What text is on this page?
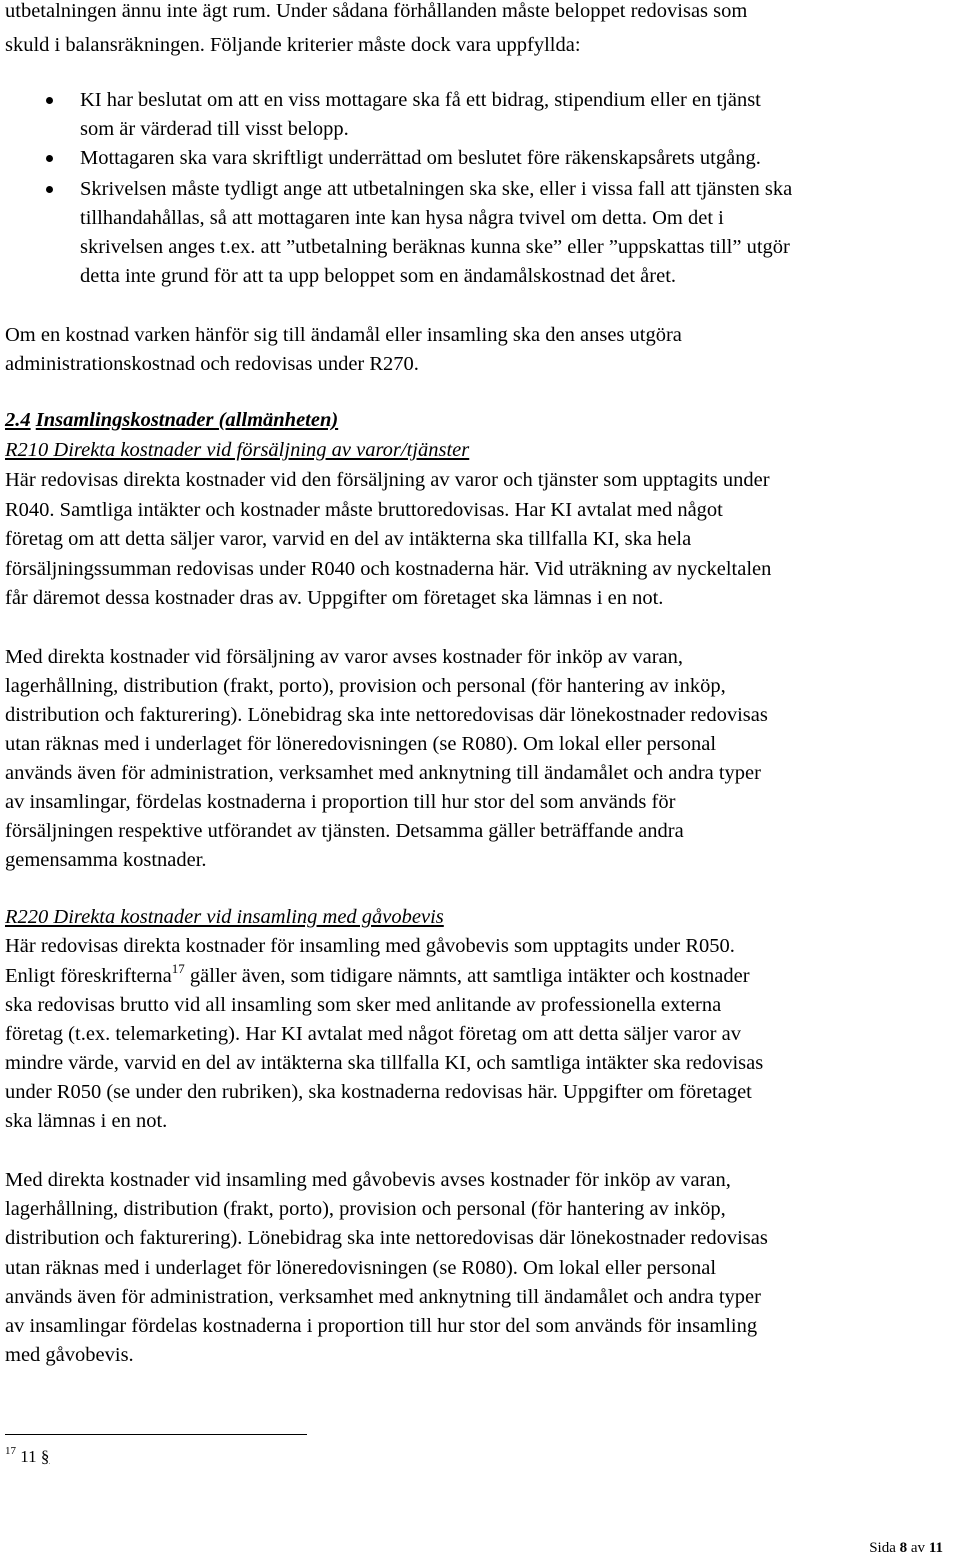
utbetalningen ännu inte ägt rum. Under sådana förhållanden måste beloppet redovisas som
skuld i balansräkningen. Följande kriterier måste dock vara uppfyllda:
KI har beslutat om att en viss mottagare ska få ett bidrag, stipendium eller en tjänst
som är värderad till visst belopp.
Mottagaren ska vara skriftligt underrättad om beslutet före räkenskapsårets utgång.
Skrivelsen måste tydligt ange att utbetalningen ska ske, eller i vissa fall att tjänsten ska
tillhandahållas, så att mottagaren inte kan hysa några tvivel om detta. Om det i
skrivelsen anges t.ex. att ”utbetalning beräknas kunna ske” eller ”uppskattas till” utgör
detta inte grund för att ta upp beloppet som en ändamålskostnad det året.
Om en kostnad varken hänför sig till ändamål eller insamling ska den anses utgöra
administrationskostnad och redovisas under R270.
2.4 Insamlingskostnader (allmänheten)
R210 Direkta kostnader vid försäljning av varor/tjänster
Här redovisas direkta kostnader vid den försäljning av varor och tjänster som upptagits under
R040. Samtliga intäkter och kostnader måste bruttoredovisas. Har KI avtalat med något
företag om att detta säljer varor, varvid en del av intäkterna ska tillfalla KI, ska hela
försäljningssumman redovisas under R040 och kostnaderna här. Vid uträkning av nyckeltalen
får däremot dessa kostnader dras av. Uppgifter om företaget ska lämnas i en not.
Med direkta kostnader vid försäljning av varor avses kostnader för inköp av varan,
lagerhållning, distribution (frakt, porto), provision och personal (för hantering av inköp,
distribution och fakturering). Lönebidrag ska inte nettoredovisas där lönekostnader redovisas
utan räknas med i underlaget för löneredovisningen (se R080). Om lokal eller personal
används även för administration, verksamhet med anknytning till ändamålet och andra typer
av insamlingar, fördelas kostnaderna i proportion till hur stor del som används för
försäljningen respektive utförandet av tjänsten. Detsamma gäller beträffande andra
gemensamma kostnader.
R220 Direkta kostnader vid insamling med gåvobevis
Här redovisas direkta kostnader för insamling med gåvobevis som upptagits under R050.
Enligt föreskrifterna$^{17}$ gäller även, som tidigare nämnts, att samtliga intäkter och kostnader
ska redovisas brutto vid all insamling som sker med anlitande av professionella externa
företag (t.ex. telemarketing). Har KI avtalat med något företag om att detta säljer varor av
mindre värde, varvid en del av intäkterna ska tillfalla KI, och samtliga intäkter ska redovisas
under R050 (se under den rubriken), ska kostnaderna redovisas här. Uppgifter om företaget
ska lämnas i en not.
Med direkta kostnader vid insamling med gåvobevis avses kostnader för inköp av varan,
lagerhållning, distribution (frakt, porto), provision och personal (för hantering av inköp,
distribution och fakturering). Lönebidrag ska inte nettoredovisas där lönekostnader redovisas
utan räknas med i underlaget för löneredovisningen (se R080). Om lokal eller personal
används även för administration, verksamhet med anknytning till ändamålet och andra typer
av insamlingar fördelas kostnaderna i proportion till hur stor del som används för insamling
med gåvobevis.
$^{17}$ 11 §
Sida 8 av 11
